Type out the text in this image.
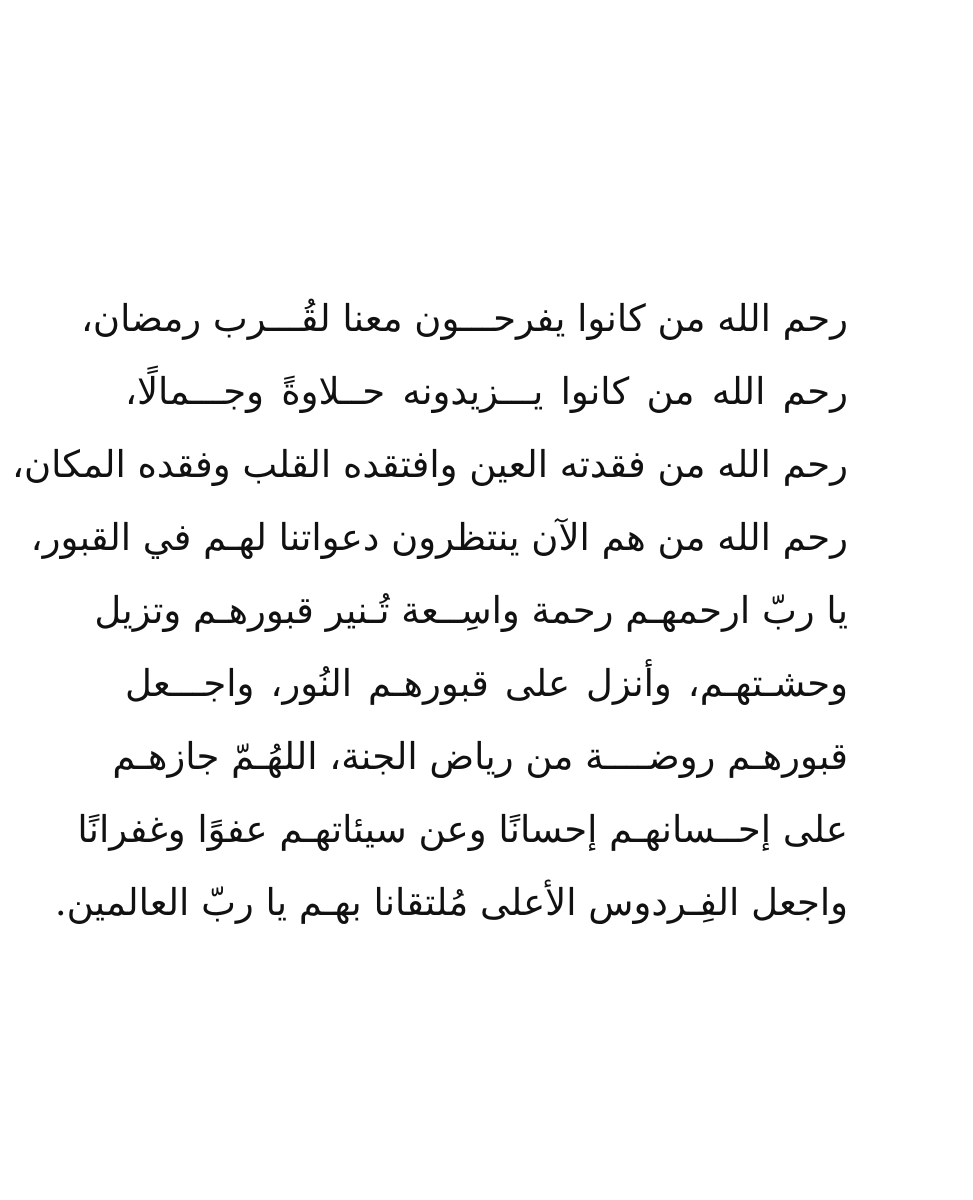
رحم الله من كانوا يفرحـــون معنا لقُـــرب رمضان،
رحم الله من كانوا يـــزيدونه حــلاوةً وجـــمالًا،
رحم الله من فقدته العين وافتقده القلب وفقده المكان،
رحم الله من هم الآن ينتظرون دعواتنا لهـم في القبور،
يا ربّ ارحمهـم رحمة واسِــعة تُـنير قبورهـم وتزيل
وحشـتهـم، وأنزل على قبورهـم النُور، واجـــعل
قبورهـم روضــــة من رياض الجنة، اللهُـمّ جازهـم
على إحــسانهـم إحسانًا وعن سيئاتهـم عفوًا وغفرانًا
واجعل الفِـردوس الأعلى مُلتقانا بهـم يا ربّ العالمين.
